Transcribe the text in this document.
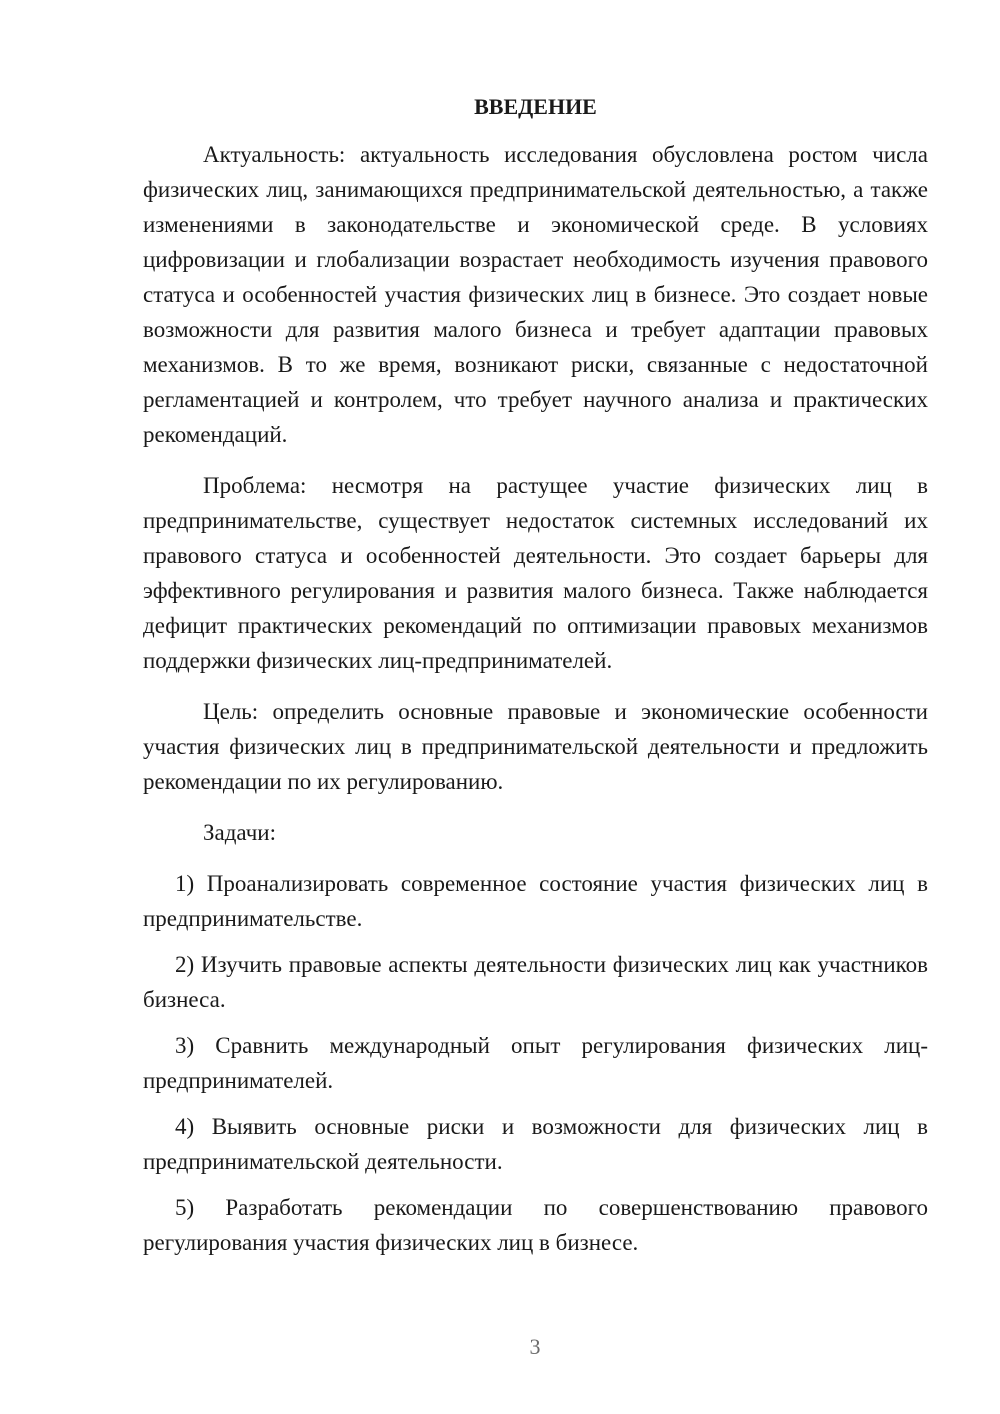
ВВЕДЕНИЕ

Актуальность: актуальность исследования обусловлена ростом числа физических лиц, занимающихся предпринимательской деятельностью, а также изменениями в законодательстве и экономической среде. В условиях цифровизации и глобализации возрастает необходимость изучения правового статуса и особенностей участия физических лиц в бизнесе. Это создает новые возможности для развития малого бизнеса и требует адаптации правовых механизмов. В то же время, возникают риски, связанные с недостаточной регламентацией и контролем, что требует научного анализа и практических рекомендаций.

Проблема: несмотря на растущее участие физических лиц в предпринимательстве, существует недостаток системных исследований их правового статуса и особенностей деятельности. Это создает барьеры для эффективного регулирования и развития малого бизнеса. Также наблюдается дефицит практических рекомендаций по оптимизации правовых механизмов поддержки физических лиц-предпринимателей.

Цель: определить основные правовые и экономические особенности участия физических лиц в предпринимательской деятельности и предложить рекомендации по их регулированию.

Задачи:

1) Проанализировать современное состояние участия физических лиц в предпринимательстве.

2) Изучить правовые аспекты деятельности физических лиц как участников бизнеса.

3) Сравнить международный опыт регулирования физических лиц-предпринимателей.

4) Выявить основные риски и возможности для физических лиц в предпринимательской деятельности.

5) Разработать рекомендации по совершенствованию правового регулирования участия физических лиц в бизнесе.

3
